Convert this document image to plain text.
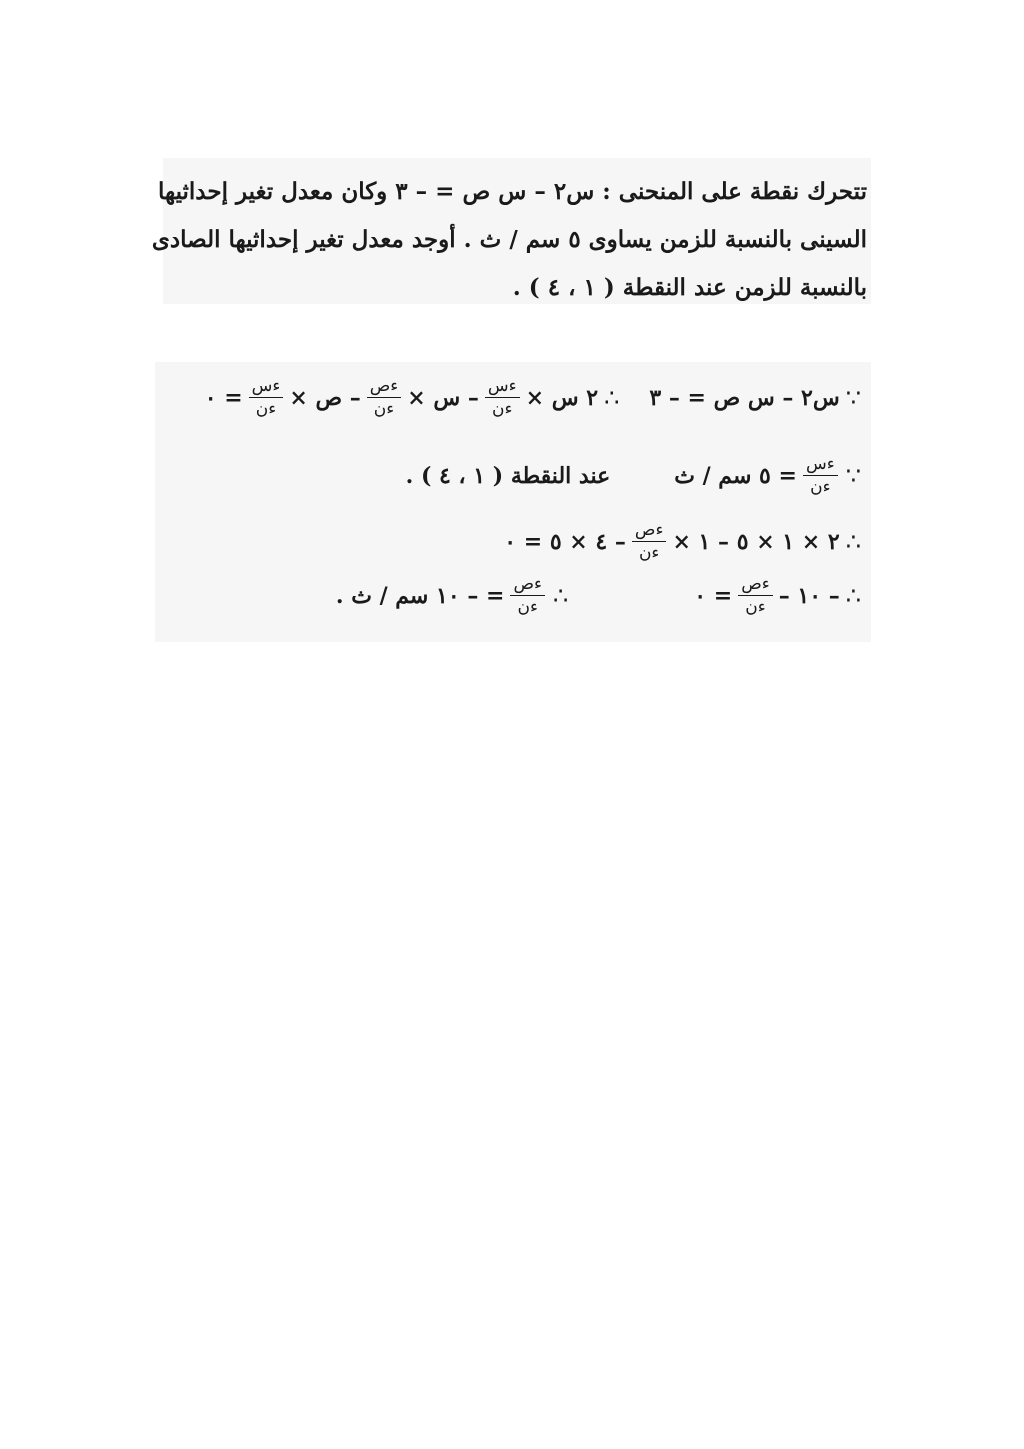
تتحرك نقطة على المنحنى : س٢ – س ص = – ٣ وكان معدل تغير إحداثيها
السينى بالنسبة للزمن يساوى ٥ سم / ث . أوجد معدل تغير إحداثيها الصادى
بالنسبة للزمن عند النقطة ( ١ ، ٤ ) .
∵
س٢ – س ص = – ٣
∴
٢ س ×
$\frac{\text{ءس}}{\text{ءن}}$
– س ×
$\frac{\text{ءص}}{\text{ءن}}$
– ص ×
$\frac{\text{ءس}}{\text{ءن}}$
= ٠
∵
$\frac{\text{ءس}}{\text{ءن}}$
= ٥ سم / ث
عند النقطة ( ١ ، ٤ ) .
∴
٢ × ١ × ٥ – ١ ×
$\frac{\text{ءص}}{\text{ءن}}$
– ٤ × ٥ = ٠
∴
– ١٠ –
$\frac{\text{ءص}}{\text{ءن}}$
= ٠
∴
$\frac{\text{ءص}}{\text{ءن}}$
= – ١٠ سم / ث .
